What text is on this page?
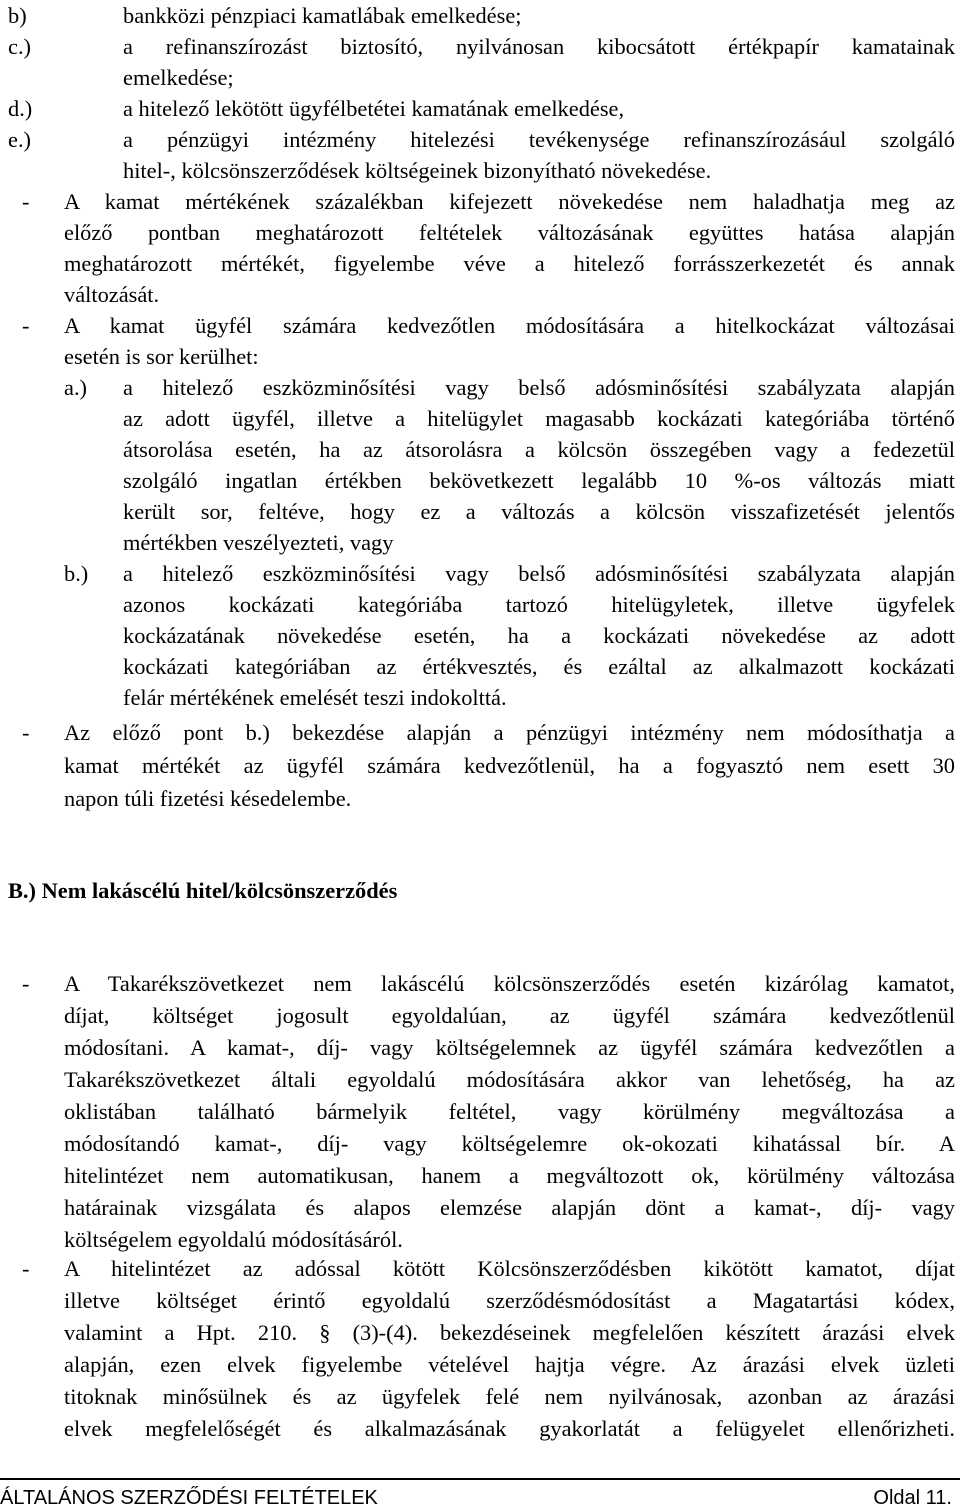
b)	bankközi pénzpiaci kamatlábak emelkedése;
c.)	a refinanszírozást biztosító, nyilvánosan kibocsátott értékpapír kamatainak
emelkedése;
d.)	a hitelező lekötött ügyfélbetétei kamatának emelkedése,
e.)	a pénzügyi intézmény hitelezési tevékenysége refinanszírozásául szolgáló
hitel-, kölcsönszerződések költségeinek bizonyítható növekedése.
- A kamat mértékének százalékban kifejezett növekedése nem haladhatja meg az
előző pontban meghatározott feltételek változásának együttes hatása alapján
meghatározott mértékét, figyelembe véve a hitelező forrásszerkezetét és annak
változását.
- A kamat ügyfél számára kedvezőtlen módosítására a hitelkockázat változásai
esetén is sor kerülhet:
a.) a hitelező eszközminősítési vagy belső adósminősítési szabályzata alapján
az adott ügyfél, illetve a hitelügylet magasabb kockázati kategóriába történő
átsorolása esetén, ha az átsorolásra a kölcsön összegében vagy a fedezetül
szolgáló ingatlan értékben bekövetkezett legalább 10 %-os változás miatt
került sor, feltéve, hogy ez a változás a kölcsön visszafizetését jelentős
mértékben veszélyezteti, vagy
b.) a hitelező eszközminősítési vagy belső adósminősítési szabályzata alapján
azonos kockázati kategóriába tartozó hitelügyletek, illetve ügyfelek
kockázatának növekedése esetén, ha a kockázati növekedése az adott
kockázati kategóriában az értékvesztés, és ezáltal az alkalmazott kockázati
felár mértékének emelését teszi indokolttá.
- Az előző pont b.) bekezdése alapján a pénzügyi intézmény nem módosíthatja a
kamat mértékét az ügyfél számára kedvezőtlenül, ha a fogyasztó nem esett 30
napon túli fizetési késedelembe.
B.) Nem lakáscélú hitel/kölcsönszerződés
- A Takarékszövetkezet nem lakáscélú kölcsönszerződés esetén kizárólag kamatot,
díjat, költséget jogosult egyoldalúan, az ügyfél számára kedvezőtlenül
módosítani. A kamat-, díj- vagy költségelemnek az ügyfél számára kedvezőtlen a
Takarékszövetkezet általi egyoldalú módosítására akkor van lehetőség, ha az
oklistában található bármelyik feltétel, vagy körülmény megváltozása a
módosítandó kamat-, díj- vagy költségelemre ok-okozati kihatással bír. A
hitelintézet nem automatikusan, hanem a megváltozott ok, körülmény változása
határainak vizsgálata és alapos elemzése alapján dönt a kamat-, díj- vagy
költségelem egyoldalú módosításáról.
- A hitelintézet az adóssal kötött Kölcsönszerződésben kikötött kamatot, díjat
illetve költséget érintő egyoldalú szerződésmódosítást a Magatartási kódex,
valamint a Hpt. 210. § (3)-(4). bekezdéseinek megfelelően készített árazási elvek
alapján, ezen elvek figyelembe vételével hajtja végre. Az árazási elvek üzleti
titoknak minősülnek és az ügyfelek felé nem nyilvánosak, azonban az árazási
elvek megfelelőségét és alkalmazásának gyakorlatát a felügyelet ellenőrizheti.
ÁLTALÁNOS SZERZŐDÉSI FELTÉTELEK	Oldal 11.
